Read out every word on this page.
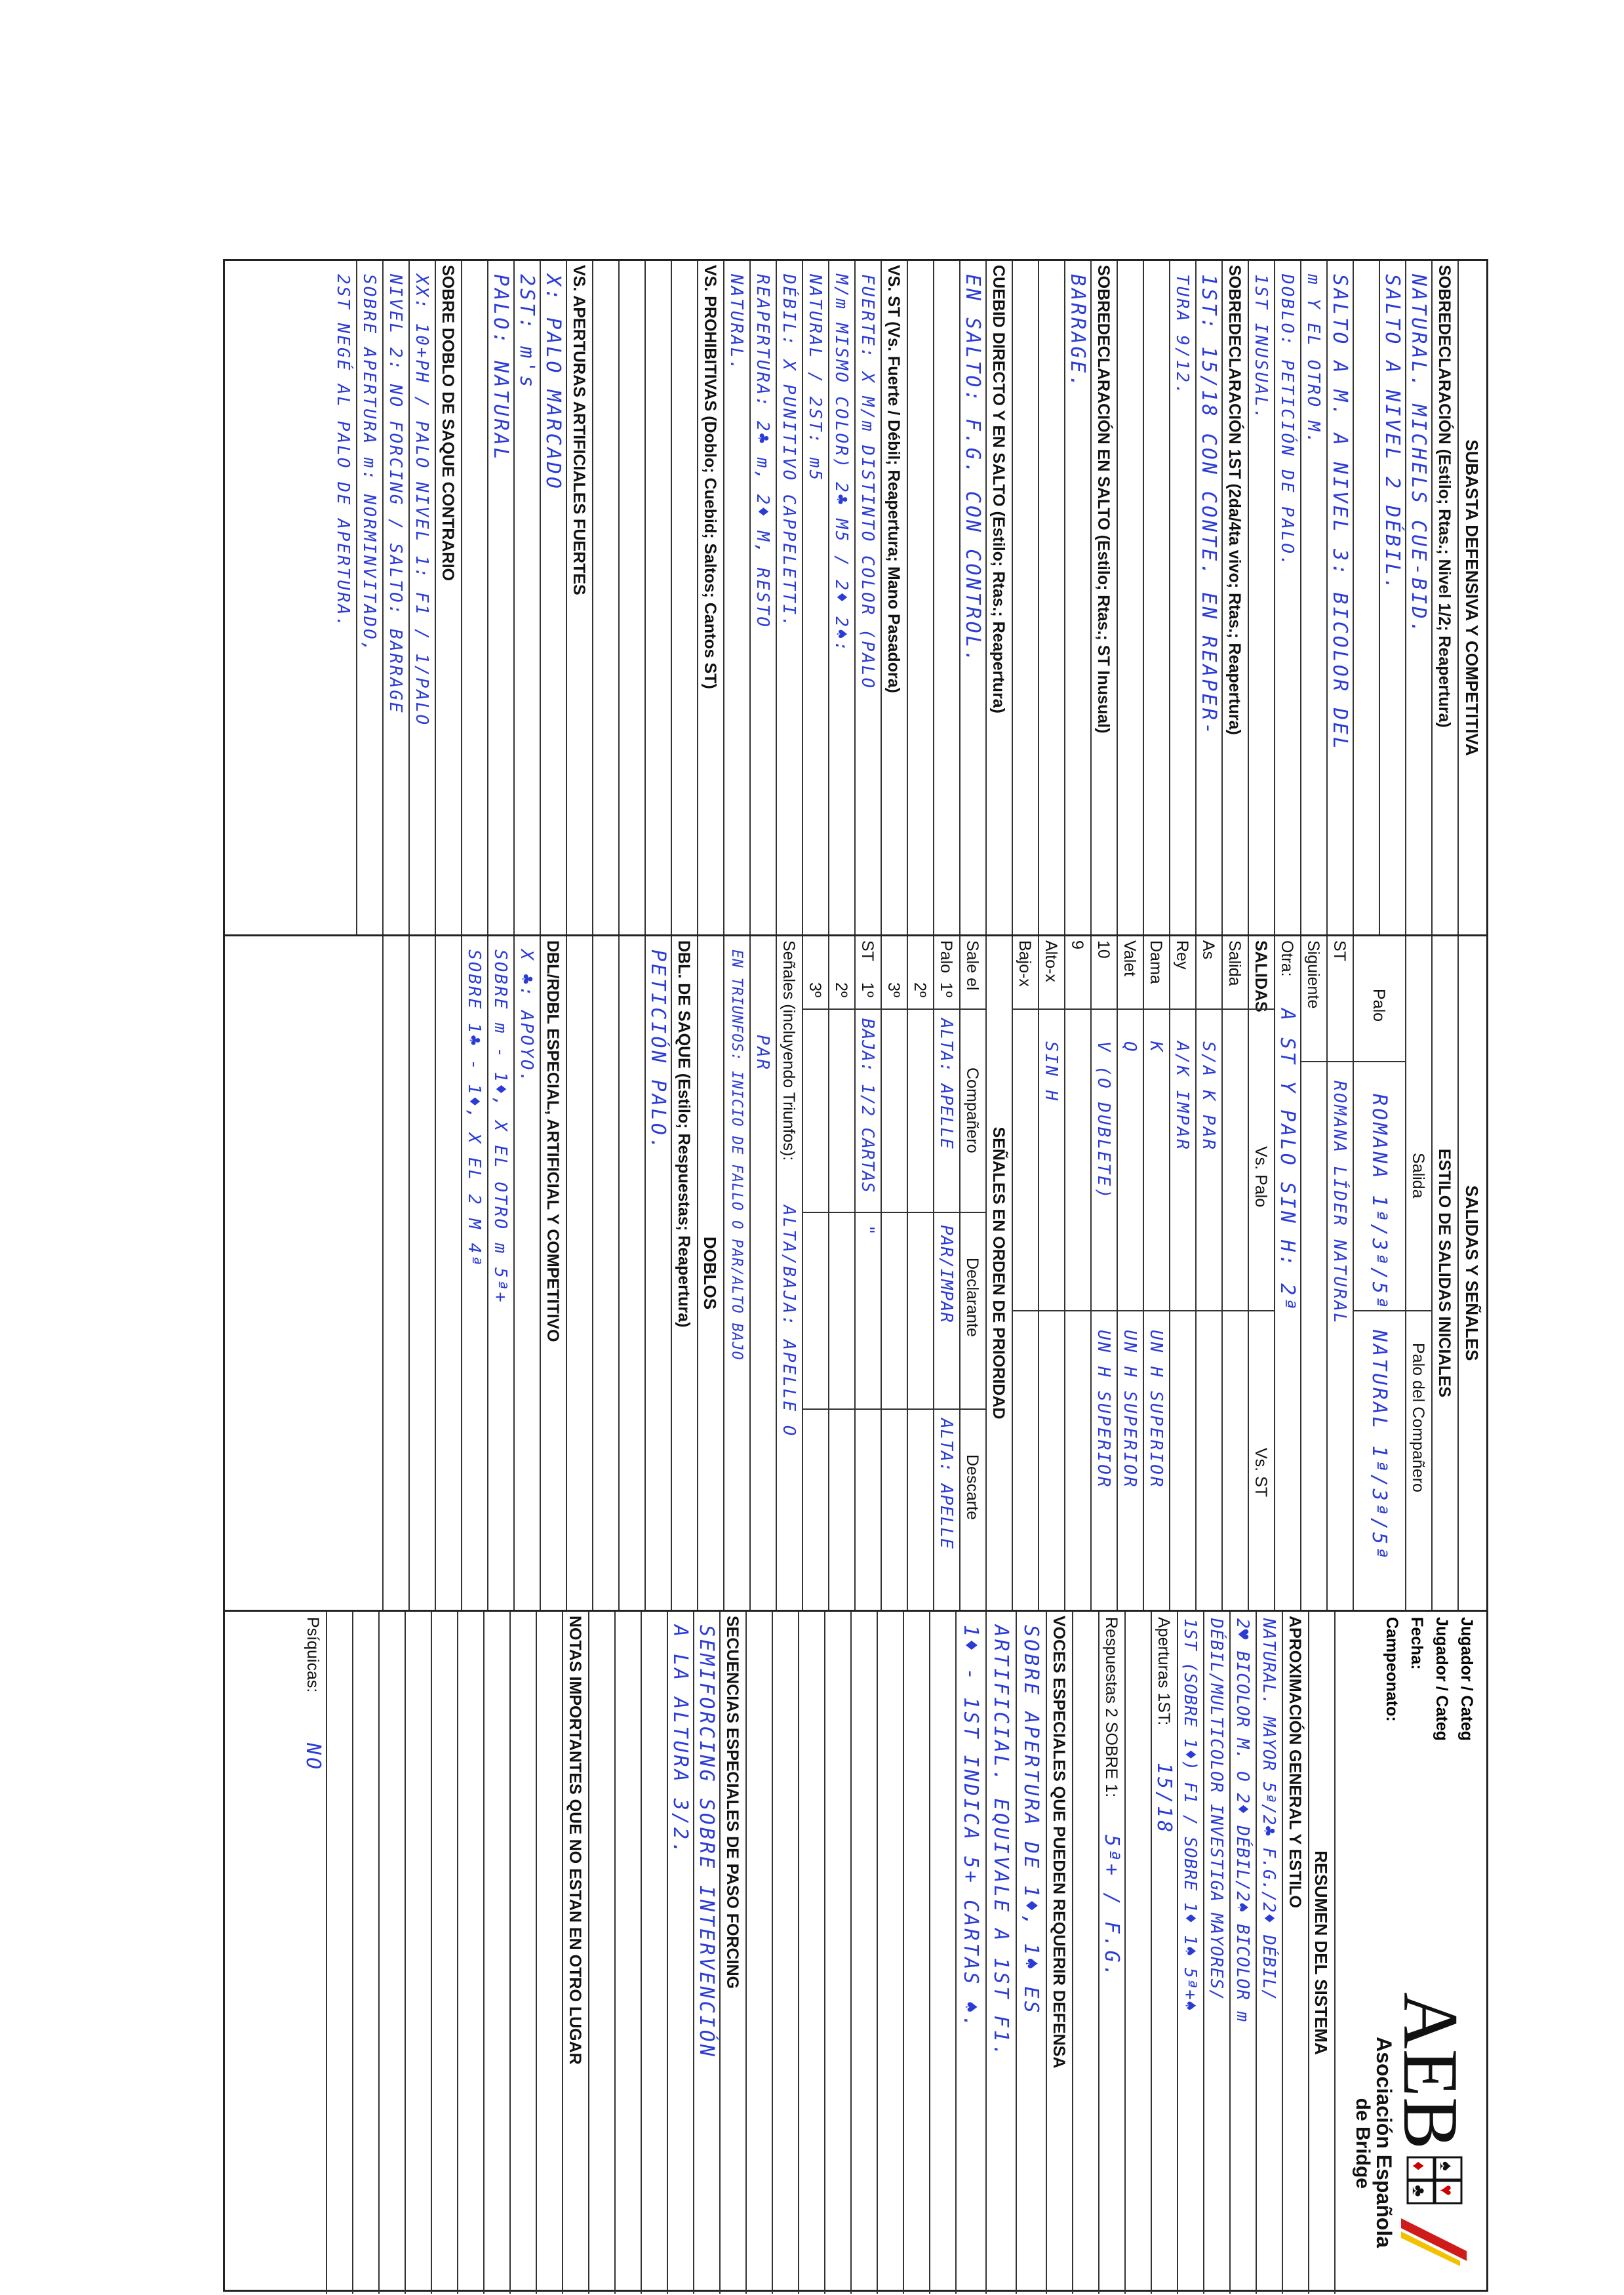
SUBASTA DEFENSIVA Y COMPETITIVA
SOBREDECLARACIÓN (Estilo; Rtas.; Nivel 1/2; Reapertura)
NATURAL. MICHELS CUE-BID.
SALTO A NIVEL 2 DÉBIL.
SALTO A M. A NIVEL 3: BICOLOR DEL
m Y EL OTRO M.
DOBLO: PETICIÓN DE PALO.
1ST INUSUAL.
SOBREDECLARACIÓN 1ST (2da/4ta vivo; Rtas.; Reapertura)
1ST: 15/18 CON CONTE. EN REAPER-
TURA 9/12.
SOBREDECLARACIÓN EN SALTO (Estilo; Rtas.; ST Inusual)
BARRAGE.
CUEBID DIRECTO Y EN SALTO (Estilo; Rtas.; Reapertura)
EN SALTO: F.G. CON CONTROL.
VS. ST (Vs. Fuerte / Débil; Reapertura; Mano Pasadora)
FUERTE: X M/m DISTINTO COLOR (PALO
M/m MISMO COLOR) 2♣ M5 / 2♦ 2♠:
NATURAL / 2ST: m5
DÉBIL: X PUNITIVO CAPPELETTI.
REAPERTURA: 2♣ m, 2♦ M, RESTO
NATURAL.
VS. PROHIBITIVAS (Doblo; Cuebid; Saltos; Cantos ST)
VS. APERTURAS ARTIFICIALES FUERTES
X: PALO MARCADO
2ST: m's
PALO: NATURAL
SOBRE DOBLO DE SAQUE CONTRARIO
XX: 10+PH / PALO NIVEL 1: F1 / 1/PALO
NIVEL 2: NO FORCING / SALTO: BARRAGE
SOBRE APERTURA m: NORMINVITADO,
2ST NEGÉ AL PALO DE APERTURA.
SALIDAS Y SEÑALES
ESTILO DE SALIDAS INICIALES
Salida
Palo del Compañero
Palo
ROMANA 1ª/3ª/5ª
NATURAL 1ª/3ª/5ª
ST
ROMANA LÍDER NATURAL
Siguiente
Otra:
A ST Y PALO SIN H: 2ª
SALIDAS
Vs. Palo
Vs. ST
Salida
As
S/A K PAR
Rey
A/K IMPAR
Dama
K
UN H SUPERIOR
Valet
Q
UN H SUPERIOR
10
V (O DUBLETE)
UN H SUPERIOR
9
Alto-x
SIN H
Bajo-x
SEÑALES EN ORDEN DE PRIORIDAD
Sale el
Compañero
Declarante
Descarte
Palo
1º
ALTA: APELLE
PAR/IMPAR
ALTA: APELLE
2º
3º
ST
1º
BAJA: 1/2 CARTAS
"
2º
3º
Señales (incluyendo Triunfos):
ALTA/BAJA: APELLE O
PAR
EN TRIUNFOS: INICIO DE FALLO O PAR/ALTO BAJO
DOBLOS
DBL. DE SAQUE (Estilo; Respuestas; Reapertura)
PETICIÓN PALO.
DBL/RDBL ESPECIAL, ARTIFICIAL Y COMPETITIVO
X ♣: APOYO.
SOBRE m - 1♦, X EL OTRO m 5ª+
SOBRE 1♣ - 1♦, X EL 2 M 4ª
Jugador / Categ
Jugador / Categ
Fecha:
Campeonato:
AEB
♠
♥
♦
♣
Asociación Española
de Bridge
RESUMEN DEL SISTEMA
APROXIMACIÓN GENERAL Y ESTILO
NATURAL. MAYOR 5ª/2♣ F.G./2♦ DÉBIL/
2♥ BICOLOR M. O 2♦ DÉBIL/2♠ BICOLOR m
DÉBIL/MULTICOLOR INVESTIGA MAYORES/
1ST (SOBRE 1♦) F1 / SOBRE 1♦ 1♠ 5ª+♠
Aperturas 1ST:
15/18
Respuestas 2 SOBRE 1:
5ª+ / F.G.
VOCES ESPECIALES QUE PUEDEN REQUERIR DEFENSA
SOBRE APERTURA DE 1♦, 1♠ ES
ARTIFICIAL. EQUIVALE A 1ST F1.
1♦ - 1ST INDICA 5+ CARTAS ♠.
SECUENCIAS ESPECIALES DE PASO FORCING
SEMIFORCING SOBRE INTERVENCIÓN
A LA ALTURA 3/2.
NOTAS IMPORTANTES QUE NO ESTAN EN OTRO LUGAR
Psíquicas:
NO
